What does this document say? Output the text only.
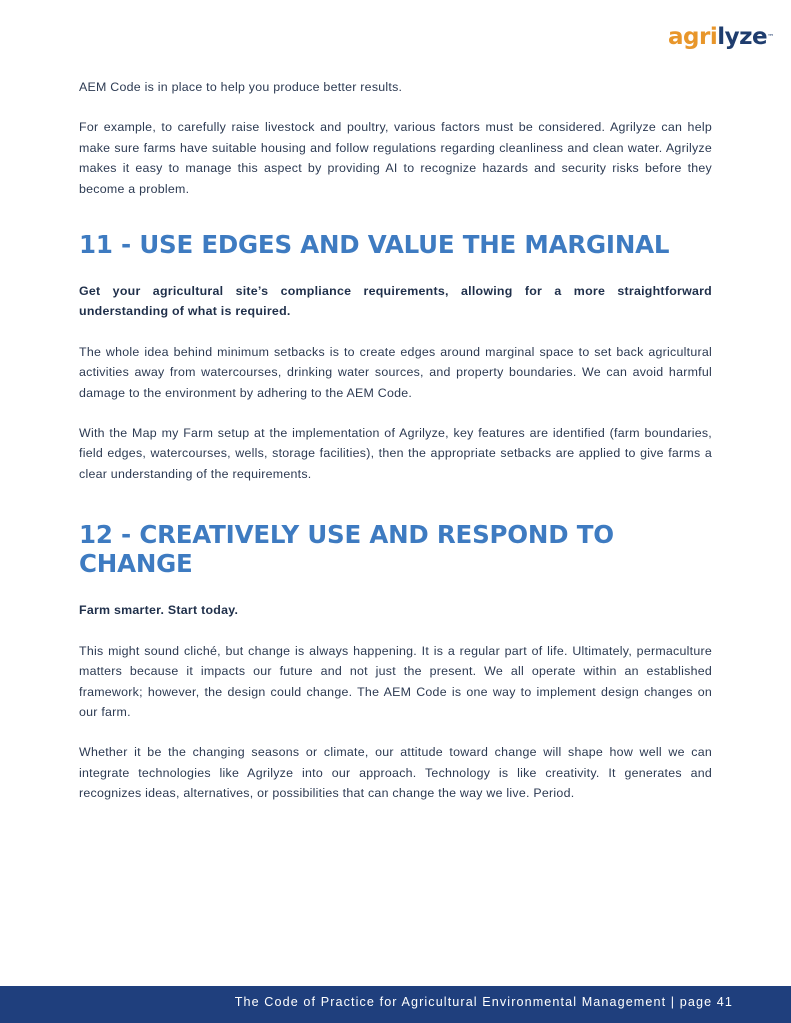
agrilyze™

AEM Code is in place to help you produce better results.

For example, to carefully raise livestock and poultry, various factors must be considered. Agrilyze can help make sure farms have suitable housing and follow regulations regarding cleanliness and clean water. Agrilyze makes it easy to manage this aspect by providing AI to recognize hazards and security risks before they become a problem.

11 - USE EDGES AND VALUE THE MARGINAL

Get your agricultural site’s compliance requirements, allowing for a more straightforward understanding of what is required.

The whole idea behind minimum setbacks is to create edges around marginal space to set back agricultural activities away from watercourses, drinking water sources, and property boundaries. We can avoid harmful damage to the environment by adhering to the AEM Code.

With the Map my Farm setup at the implementation of Agrilyze, key features are identified (farm boundaries, field edges, watercourses, wells, storage facilities), then the appropriate setbacks are applied to give farms a clear understanding of the requirements.

12 - CREATIVELY USE AND RESPOND TO CHANGE

Farm smarter. Start today.

This might sound cliché, but change is always happening. It is a regular part of life. Ultimately, permaculture matters because it impacts our future and not just the present. We all operate within an established framework; however, the design could change. The AEM Code is one way to implement design changes on our farm.

Whether it be the changing seasons or climate, our attitude toward change will shape how well we can integrate technologies like Agrilyze into our approach. Technology is like creativity. It generates and recognizes ideas, alternatives, or possibilities that can change the way we live. Period.

The Code of Practice for Agricultural Environmental Management | page 41
